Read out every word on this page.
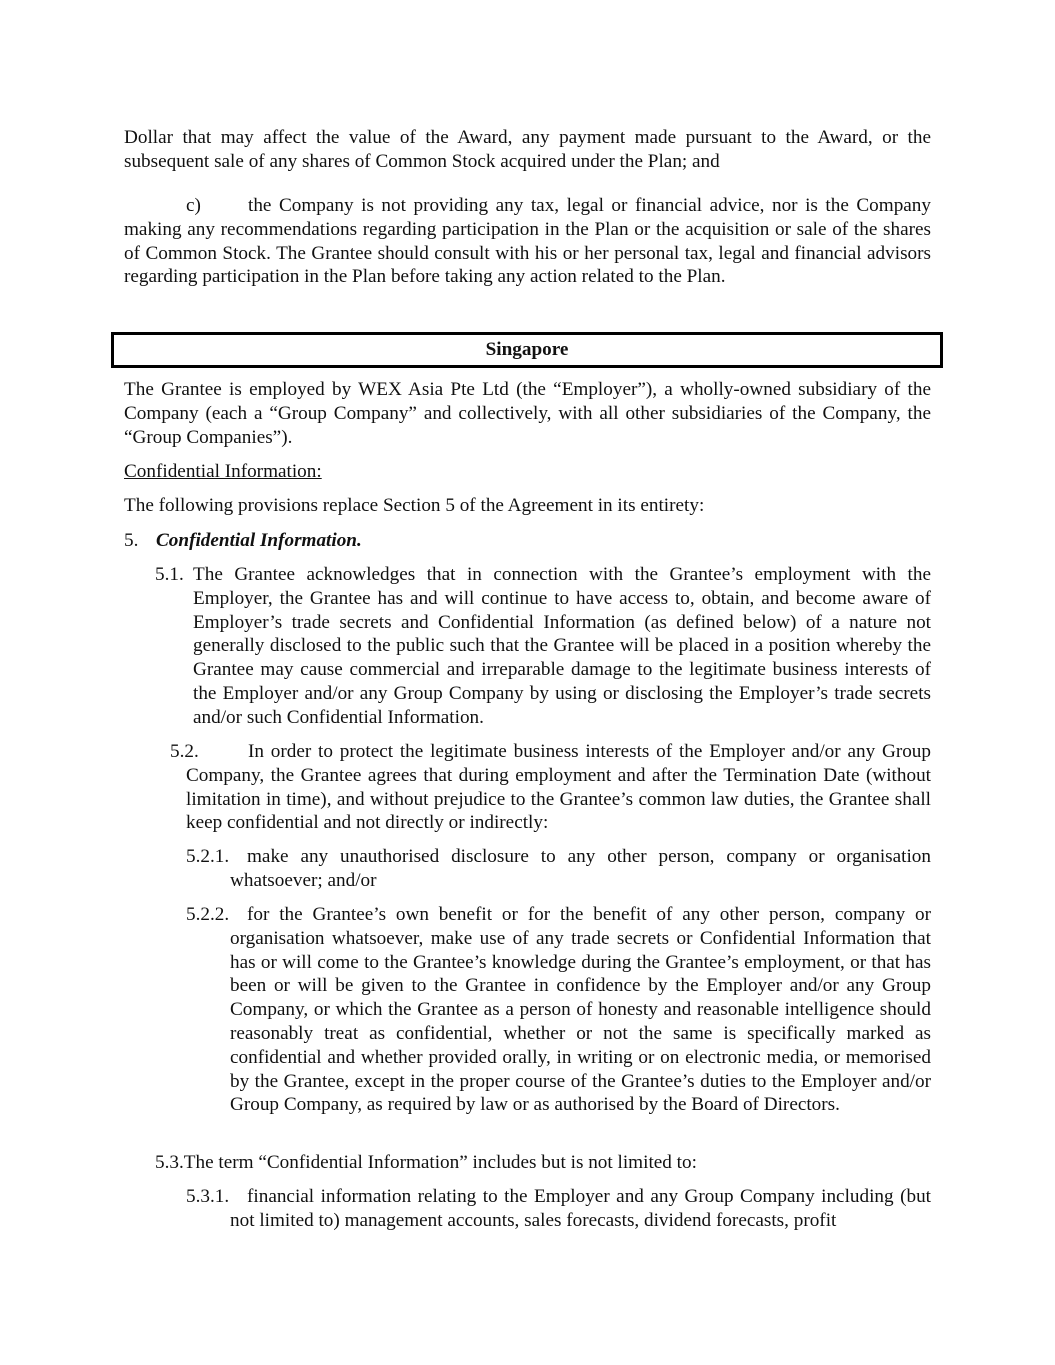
Dollar that may affect the value of the Award, any payment made pursuant to the Award, or the subsequent sale of any shares of Common Stock acquired under the Plan; and

c) the Company is not providing any tax, legal or financial advice, nor is the Company making any recommendations regarding participation in the Plan or the acquisition or sale of the shares of Common Stock. The Grantee should consult with his or her personal tax, legal and financial advisors regarding participation in the Plan before taking any action related to the Plan.

Singapore

The Grantee is employed by WEX Asia Pte Ltd (the “Employer”), a wholly-owned subsidiary of the Company (each a “Group Company” and collectively, with all other subsidiaries of the Company, the “Group Companies”).

Confidential Information:

The following provisions replace Section 5 of the Agreement in its entirety:

5. Confidential Information.

5.1. The Grantee acknowledges that in connection with the Grantee’s employment with the Employer, the Grantee has and will continue to have access to, obtain, and become aware of Employer’s trade secrets and Confidential Information (as defined below) of a nature not generally disclosed to the public such that the Grantee will be placed in a position whereby the Grantee may cause commercial and irreparable damage to the legitimate business interests of the Employer and/or any Group Company by using or disclosing the Employer’s trade secrets and/or such Confidential Information.

5.2.	In order to protect the legitimate business interests of the Employer and/or any Group Company, the Grantee agrees that during employment and after the Termination Date (without limitation in time), and without prejudice to the Grantee’s common law duties, the Grantee shall keep confidential and not directly or indirectly:

5.2.1. make any unauthorised disclosure to any other person, company or organisation whatsoever; and/or

5.2.2. for the Grantee’s own benefit or for the benefit of any other person, company or organisation whatsoever, make use of any trade secrets or Confidential Information that has or will come to the Grantee’s knowledge during the Grantee’s employment, or that has been or will be given to the Grantee in confidence by the Employer and/or any Group Company, or which the Grantee as a person of honesty and reasonable intelligence should reasonably treat as confidential, whether or not the same is specifically marked as confidential and whether provided orally, in writing or on electronic media, or memorised by the Grantee, except in the proper course of the Grantee’s duties to the Employer and/or Group Company, as required by law or as authorised by the Board of Directors.

5.3.The term “Confidential Information” includes but is not limited to:

5.3.1. financial information relating to the Employer and any Group Company including (but not limited to) management accounts, sales forecasts, dividend forecasts, profit
